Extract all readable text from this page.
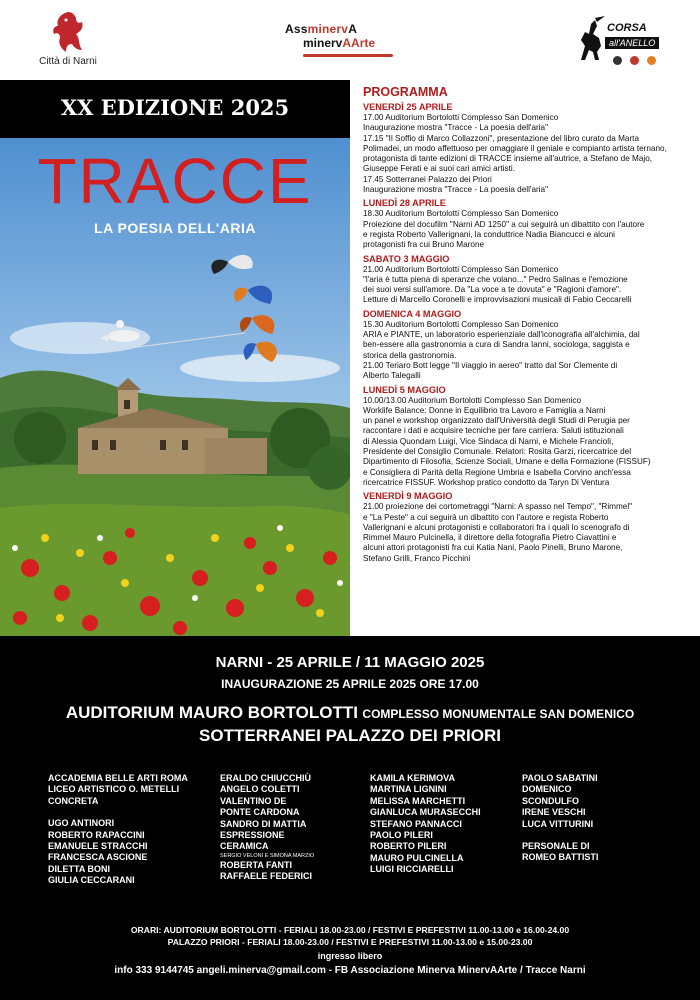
Città di Narni
AssminervA
minervAArte
CORSA
all'ANELLO
XX EDIZIONE 2025
TRACCE
LA POESIA DELL'ARIA
PROGRAMMA
VENERDÌ 25 APRILE
17.00 Auditorium Bortolotti Complesso San Domenico
Inaugurazione mostra "Tracce - La poesia dell'aria"
17.15 "Il Soffio di Marco Collazzoni", presentazione del libro curato da Marta
Polimadei, un modo affettuoso per omaggiare il geniale e compianto artista ternano,
protagonista di tante edizioni di TRACCE insieme all'autrice, a Stefano de Majo,
Giuseppe Ferati e ai suoi cari amici artisti.
17.45 Sotterranei Palazzo dei Priori
Inaugurazione mostra "Tracce - La poesia dell'aria"
LUNEDÌ 28 APRILE
18.30 Auditorium Bortolotti Complesso San Domenico
Proiezione del docufilm "Narni AD 1250" a cui seguirà un dibattito con l'autore
e regista Roberto Vallerignani, la conduttrice Nadia Biancucci e alcuni
protagonisti fra cui Bruno Marone
SABATO 3 MAGGIO
21.00 Auditorium Bortolotti Complesso San Domenico
"l'aria è tutta piena di speranze che volano..." Pedro Salinas e l'emozione
dei suoi versi sull'amore. Da "La voce a te dovuta" e "Ragioni d'amore".
Letture di Marcello Coronelli e improvvisazioni musicali di Fabio Ceccarelli
DOMENICA 4 MAGGIO
15.30 Auditorium Bortolotti Complesso San Domenico
ARIA e PIANTE, un laboratorio esperienziale dall'iconografia all'alchimia, dal
ben-essere alla gastronomia a cura di Sandra Ianni, sociologa, saggista e
storica della gastronomia.
21.00 Teriaro Bott legge "Il viaggio in aereo" tratto dal Sor Clemente di
Alberto Talegalli
LUNEDÌ 5 MAGGIO
10.00/13.00 Auditorium Bortolotti Complesso San Domenico
Worklife Balance: Donne in Equilibrio tra Lavoro e Famiglia a Narni
un panel e workshop organizzato dall'Università degli Studi di Perugia per
raccontare i dati e acquisire tecniche per fare carriera. Saluti istituzionali
di Alessia Quondam Luigi, Vice Sindaca di Narni, e Michele Franciolì,
Presidente del Consiglio Comunale. Relatori: Rosita Garzi, ricercatrice del
Dipartimento di Filosofia, Scienze Sociali, Umane e della Formazione (FISSUF)
e Consigliera di Parità della Regione Umbria e Isabella Corvino anch'essa
ricercatrice FISSUF. Workshop pratico condotto da Taryn Di Ventura
VENERDÌ 9 MAGGIO
21.00 proiezione dei cortometraggi "Narni: A spasso nel Tempo", "Rimmel"
e "La Peste" a cui seguirà un dibattito con l'autore e regista Roberto
Vallerignani e alcuni protagonisti e collaboratori fra i quali lo scenografo di
Rimmel Mauro Pulcinella, il direttore della fotografia Pietro Ciavattini e
alcuni attori protagonisti fra cui Katia Nani, Paolo Pinelli, Bruno Marone,
Stefano Grilli, Franco Picchini
NARNI - 25 APRILE / 11 MAGGIO 2025
INAUGURAZIONE 25 APRILE 2025 ORE 17.00
AUDITORIUM MAURO BORTOLOTTI COMPLESSO MONUMENTALE SAN DOMENICO
SOTTERRANEI PALAZZO DEI PRIORI
ACCADEMIA BELLE ARTI ROMA
LICEO ARTISTICO O. METELLI
CONCRETA
UGO ANTINORI
ROBERTO RAPACCINI
EMANUELE STRACCHI
FRANCESCA ASCIONE
DILETTA BONI
GIULIA CECCARANI
ERALDO CHIUCCHIÙ
ANGELO COLETTI
VALENTINO DE
PONTE CARDONA
SANDRO DI MATTIA
ESPRESSIONE
CERAMICA
SERGIO VELONI E SIMONA MARZIO
ROBERTA FANTI
RAFFAELE FEDERICI
KAMILA KERIMOVA
MARTINA LIGNINI
MELISSA MARCHETTI
GIANLUCA MURASECCHI
STEFANO PANNACCI
PAOLO PILERI
ROBERTO PILERI
MAURO PULCINELLA
LUIGI RICCIARELLI
PAOLO SABATINI
DOMENICO
SCONDULFO
IRENE VESCHI
LUCA VITTURINI
PERSONALE DI
ROMEO BATTISTI
ORARI: AUDITORIUM BORTOLOTTI - FERIALI 18.00-23.00 / FESTIVI E PREFESTIVI 11.00-13.00 e 16.00-24.00
PALAZZO PRIORI - FERIALI 18.00-23.00 / FESTIVI E PREFESTIVI 11.00-13.00 e 15.00-23.00
ingresso libero
info 333 9144745 angeli.minerva@gmail.com - FB Associazione Minerva MinervAArte / Tracce Narni
